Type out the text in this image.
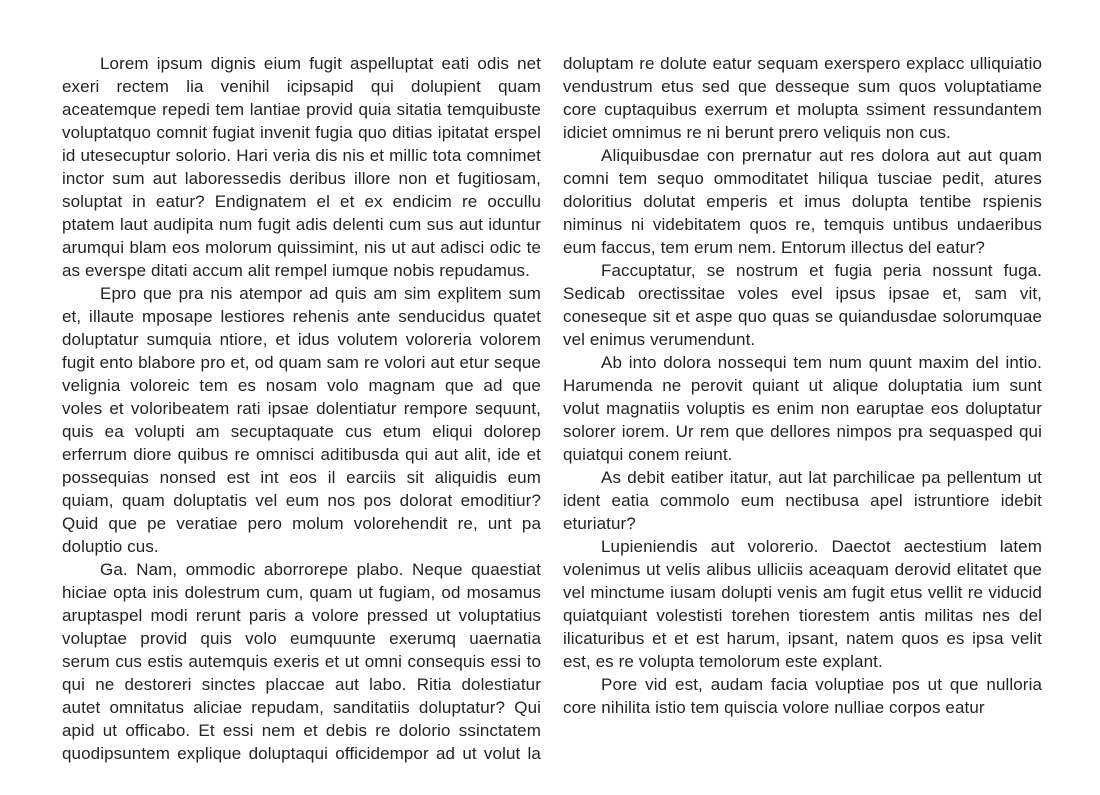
Lorem ipsum dignis eium fugit aspelluptat eati odis net exeri rectem lia venihil icipsapid qui dolupient quam aceatemque repedi tem lantiae provid quia sitatia temquibuste voluptatquo comnit fugiat invenit fugia quo ditias ipitatat erspel id utesecuptur solorio. Hari veria dis nis et millic tota comnimet inctor sum aut laboressedis deribus illore non et fugitiosam, soluptat in eatur? Endignatem el et ex endicim re occullu ptatem laut audipita num fugit adis delenti cum sus aut iduntur arumqui blam eos molorum quissimint, nis ut aut adisci odic te as everspe ditati accum alit rempel iumque nobis repudamus.

Epro que pra nis atempor ad quis am sim explitem sum et, illaute mposape lestiores rehenis ante senducidus quatet doluptatur sumquia ntiore, et idus volutem voloreria volorem fugit ento blabore pro et, od quam sam re volori aut etur seque velignia voloreic tem es nosam volo magnam que ad que voles et voloribeatem rati ipsae dolentiatur rempore sequunt, quis ea volupti am secuptaquate cus etum eliqui dolorep erferrum diore quibus re omnisci aditibusda qui aut alit, ide et possequias nonsed est int eos il earciis sit aliquidis eum quiam, quam doluptatis vel eum nos pos dolorat emoditiur? Quid que pe veratiae pero molum volorehendit re, unt pa doluptio cus.

Ga. Nam, ommodic aborrorepe plabo. Neque quaestiat hiciae opta inis dolestrum cum, quam ut fugiam, od mosamus aruptaspel modi rerunt paris a volore pressed ut voluptatius voluptae provid quis volo eumquunte exerumq uaernatia serum cus estis autemquis exeris et ut omni consequis essi to qui ne destoreri sinctes placcae aut labo. Ritia dolestiatur autet omnitatus aliciae repudam, sanditatiis doluptatur? Qui apid ut officabo. Et essi nem et debis re dolorio ssinctatem quodipsuntem explique doluptaqui officidempor ad ut volut la doluptam re dolute eatur sequam exerspero explacc ulliquiatio vendustrum etus sed que desseque sum quos voluptatiame core cuptaquibus exerrum et molupta ssiment ressundantem idiciet omnimus re ni berunt prero veliquis non cus.

Aliquibusdae con prernatur aut res dolora aut aut quam comni tem sequo ommoditatet hiliqua tusciae pedit, atures doloritius dolutat emperis et imus dolupta tentibe rspienis niminus ni videbitatem quos re, temquis untibus undaeribus eum faccus, tem erum nem. Entorum illectus del eatur?

Faccuptatur, se nostrum et fugia peria nossunt fuga. Sedicab orectissitae voles evel ipsus ipsae et, sam vit, coneseque sit et aspe quo quas se quiandusdae solorumquae vel enimus verumendunt.

Ab into dolora nossequi tem num quunt maxim del intio. Harumenda ne perovit quiant ut alique doluptatia ium sunt volut magnatiis voluptis es enim non earuptae eos doluptatur solorer iorem. Ur rem que dellores nimpos pra sequasped qui quiatqui conem reiunt.

As debit eatiber itatur, aut lat parchilicae pa pellentum ut ident eatia commolo eum nectibusa apel istruntiore idebit eturiatur?

Lupieniendis aut volorerio. Daectot aectestium latem volenimus ut velis alibus ulliciis aceaquam derovid elitatet que vel minctume iusam dolupti venis am fugit etus vellit re viducid quiatquiant volestisti torehen tiorestem antis militas nes del ilicaturibus et et est harum, ipsant, natem quos es ipsa velit est, es re volupta temolorum este explant.

Pore vid est, audam facia voluptiae pos ut que nulloria core nihilita istio tem quiscia volore nulliae corpos eatur
